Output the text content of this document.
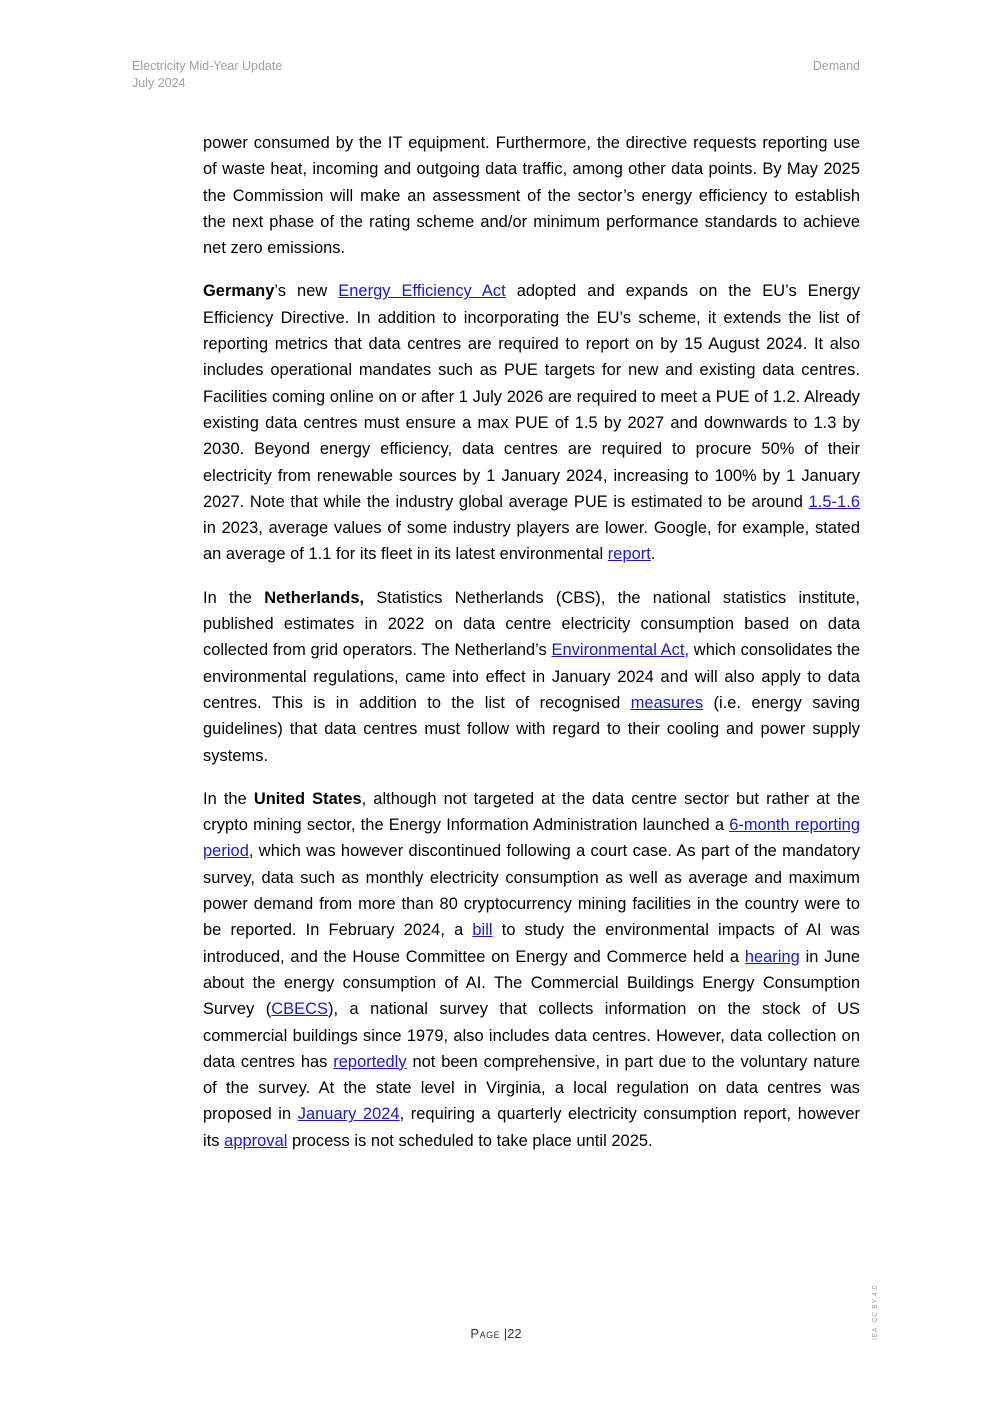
Electricity Mid-Year Update
July 2024
Demand

power consumed by the IT equipment. Furthermore, the directive requests reporting use of waste heat, incoming and outgoing data traffic, among other data points. By May 2025 the Commission will make an assessment of the sector’s energy efficiency to establish the next phase of the rating scheme and/or minimum performance standards to achieve net zero emissions.

Germany’s new Energy Efficiency Act adopted and expands on the EU’s Energy Efficiency Directive. In addition to incorporating the EU’s scheme, it extends the list of reporting metrics that data centres are required to report on by 15 August 2024. It also includes operational mandates such as PUE targets for new and existing data centres. Facilities coming online on or after 1 July 2026 are required to meet a PUE of 1.2. Already existing data centres must ensure a max PUE of 1.5 by 2027 and downwards to 1.3 by 2030. Beyond energy efficiency, data centres are required to procure 50% of their electricity from renewable sources by 1 January 2024, increasing to 100% by 1 January 2027. Note that while the industry global average PUE is estimated to be around 1.5-1.6 in 2023, average values of some industry players are lower. Google, for example, stated an average of 1.1 for its fleet in its latest environmental report.

In the Netherlands, Statistics Netherlands (CBS), the national statistics institute, published estimates in 2022 on data centre electricity consumption based on data collected from grid operators. The Netherland’s Environmental Act, which consolidates the environmental regulations, came into effect in January 2024 and will also apply to data centres. This is in addition to the list of recognised measures (i.e. energy saving guidelines) that data centres must follow with regard to their cooling and power supply systems.

In the United States, although not targeted at the data centre sector but rather at the crypto mining sector, the Energy Information Administration launched a 6-month reporting period, which was however discontinued following a court case. As part of the mandatory survey, data such as monthly electricity consumption as well as average and maximum power demand from more than 80 cryptocurrency mining facilities in the country were to be reported. In February 2024, a bill to study the environmental impacts of AI was introduced, and the House Committee on Energy and Commerce held a hearing in June about the energy consumption of AI. The Commercial Buildings Energy Consumption Survey (CBECS), a national survey that collects information on the stock of US commercial buildings since 1979, also includes data centres. However, data collection on data centres has reportedly not been comprehensive, in part due to the voluntary nature of the survey. At the state level in Virginia, a local regulation on data centres was proposed in January 2024, requiring a quarterly electricity consumption report, however its approval process is not scheduled to take place until 2025.

Page |22	IEA. CC BY 4.0.
